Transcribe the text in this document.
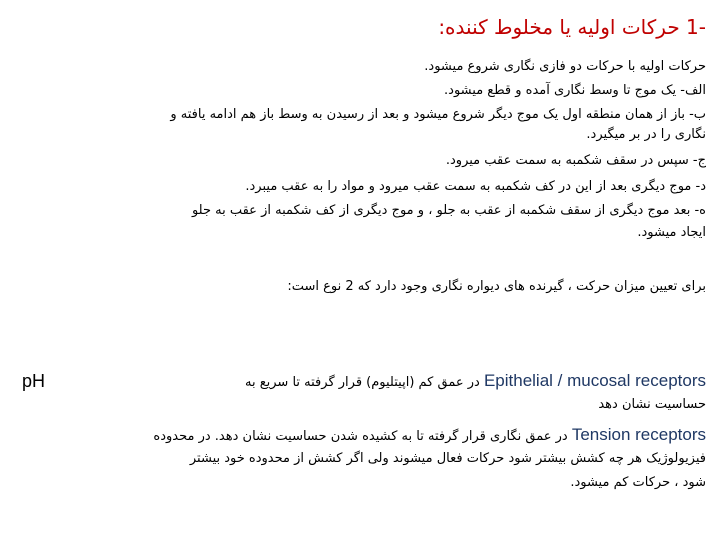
-1 حرکات اولیه یا مخلوط کننده:
حرکات اولیه با حرکات دو فازی نگاری شروع میشود.
الف- یک موج تا وسط نگاری آمده و قطع میشود.
ب- باز از همان منطقه اول یک موج دیگر شروع میشود و بعد از رسیدن به وسط باز هم ادامه یافته و
نگاری را در بر میگیرد.
ج- سپس در سقف شکمبه به سمت عقب میرود.
د- موج دیگری بعد از این در کف شکمبه به سمت عقب میرود و مواد را به عقب میبرد.
ه- بعد موج دیگری از سقف شکمبه از عقب به جلو ، و موج دیگری از کف شکمبه از عقب به جلو
ایجاد میشود.
برای تعیین میزان حرکت ، گیرنده های دیواره نگاری وجود دارد که 2 نوع است:
Epithelial / mucosal receptors در عمق کم (اپیتلیوم) قرار گرفته تا سریع به
pH
حساسیت نشان دهد
Tension receptors در عمق نگاری قرار گرفته تا به کشیده شدن حساسیت نشان دهد. در محدوده
فیزیولوژیک هر چه کشش بیشتر شود حرکات فعال میشوند ولی اگر کشش از محدوده خود بیشتر
شود ، حرکات کم میشود.
